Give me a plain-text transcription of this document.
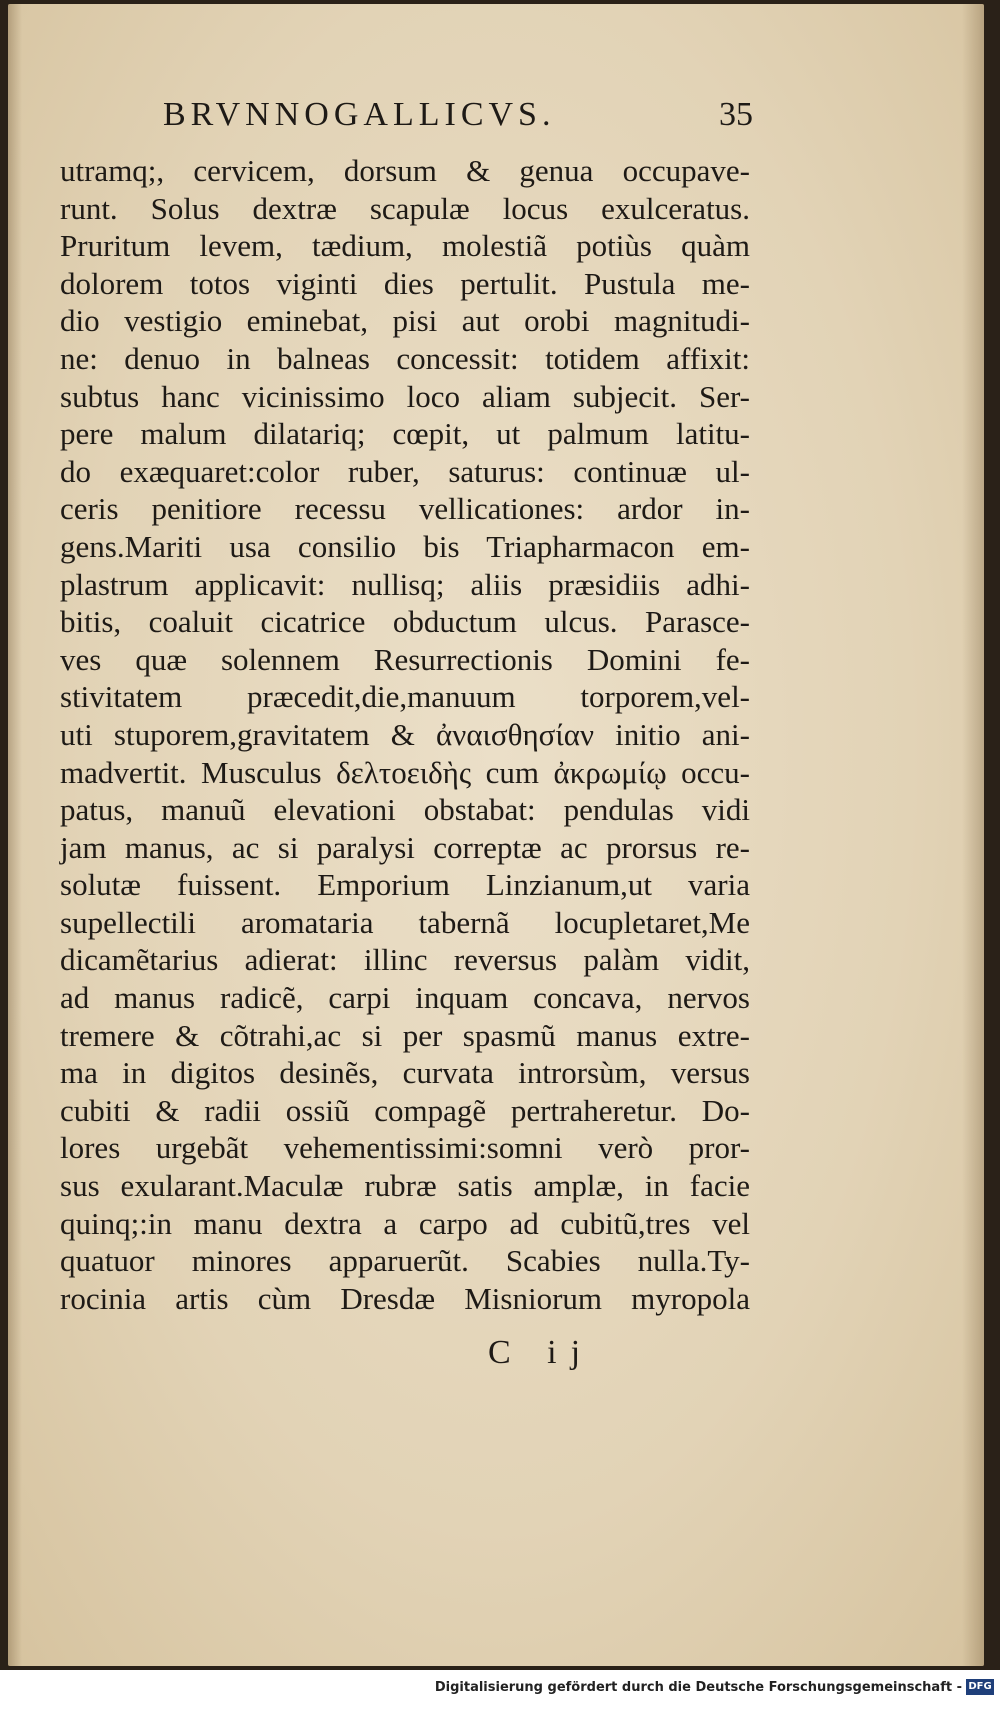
BRVNNOGALLICVS.	35
utramq;, cervicem, dorsum & genua occupave-
runt. Solus dextræ scapulæ locus exulceratus.
Pruritum levem, tædium, molestiã potiùs quàm
dolorem totos viginti dies pertulit. Pustula me-
dio vestigio eminebat, pisi aut orobi magnitudi-
ne: denuo in balneas concessit: totidem affixit:
subtus hanc vicinissimo loco aliam subjecit. Ser-
pere malum dilatariq; cœpit, ut palmum latitu-
do exæquaret:color ruber, saturus: continuæ ul-
ceris penitiore recessu vellicationes: ardor in-
gens.Mariti usa consilio bis Triapharmacon em-
plastrum applicavit: nullisq; aliis præsidiis adhi-
bitis, coaluit cicatrice obductum ulcus. Parasce-
ves quæ solennem Resurrectionis Domini fe-
stivitatem præcedit,die,manuum torporem,vel-
uti stuporem,gravitatem & ἀναισθησίαν initio ani-
madvertit. Musculus δελτοειδὴς cum ἀκρωμίῳ occu-
patus, manuũ elevationi obstabat: pendulas vidi
jam manus, ac si paralysi correptæ ac prorsus re-
solutæ fuissent. Emporium Linzianum,ut varia
supellectili aromataria tabernã locupletaret,Me
dicamẽtarius adierat: illinc reversus palàm vidit,
ad manus radicẽ, carpi inquam concava, nervos
tremere & cõtrahi,ac si per spasmũ manus extre-
ma in digitos desinẽs, curvata introrsùm, versus
cubiti & radii ossiũ compagẽ pertraheretur. Do-
lores urgebãt vehementissimi:somni verò pror-
sus exularant.Maculæ rubræ satis amplæ, in facie
quinq;:in manu dextra a carpo ad cubitũ,tres vel
quatuor minores apparuerũt. Scabies nulla.Ty-
rocinia artis cùm Dresdæ Misniorum myropola
C ij
Digitalisierung gefördert durch die Deutsche Forschungsgemeinschaft - DFG
